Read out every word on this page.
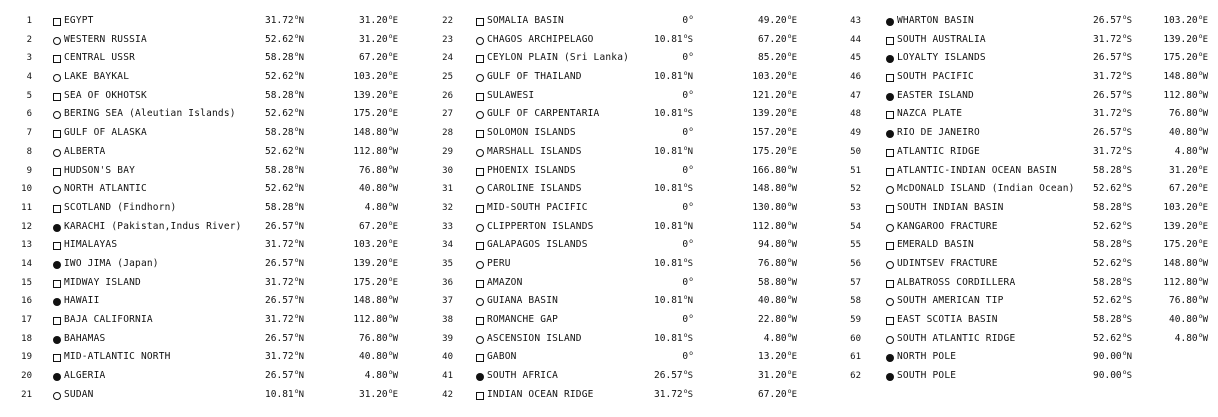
1	EGYPT	31.72$^o$N	31.20$^o$E
2	WESTERN RUSSIA	52.62$^o$N	31.20$^o$E
3	CENTRAL USSR	58.28$^o$N	67.20$^o$E
4	LAKE BAYKAL	52.62$^o$N	103.20$^o$E
5	SEA OF OKHOTSK	58.28$^o$N	139.20$^o$E
6	BERING SEA (Aleutian Islands)	52.62$^o$N	175.20$^o$E
7	GULF OF ALASKA	58.28$^o$N	148.80$^o$W
8	ALBERTA	52.62$^o$N	112.80$^o$W
9	HUDSON'S BAY	58.28$^o$N	76.80$^o$W
10	NORTH ATLANTIC	52.62$^o$N	40.80$^o$W
11	SCOTLAND (Findhorn)	58.28$^o$N	4.80$^o$W
12	KARACHI (Pakistan,Indus River) 26.57$^o$N	67.20$^o$E
13	HIMALAYAS	31.72$^o$N	103.20$^o$E
14	IWO JIMA (Japan)	26.57$^o$N	139.20$^o$E
15	MIDWAY ISLAND	31.72$^o$N	175.20$^o$E
16	HAWAII	26.57$^o$N	148.80$^o$W
17	BAJA CALIFORNIA	31.72$^o$N	112.80$^o$W
18	BAHAMAS	26.57$^o$N	76.80$^o$W
19	MID-ATLANTIC NORTH	31.72$^o$N	40.80$^o$W
20	ALGERIA	26.57$^o$N	4.80$^o$W
21	SUDAN	10.81$^o$N	31.20$^o$E
22	SOMALIA BASIN	0$^o$	49.20$^o$E
23	CHAGOS ARCHIPELAGO	10.81$^o$S	67.20$^o$E
24	CEYLON PLAIN (Sri Lanka)	0$^o$	85.20$^o$E
25	GULF OF THAILAND	10.81$^o$N	103.20$^o$E
26	SULAWESI	0$^o$	121.20$^o$E
27	GULF OF CARPENTARIA	10.81$^o$S	139.20$^o$E
28	SOLOMON ISLANDS	0$^o$	157.20$^o$E
29	MARSHALL ISLANDS	10.81$^o$N	175.20$^o$E
30	PHOENIX ISLANDS	0$^o$	166.80$^o$W
31	CAROLINE ISLANDS	10.81$^o$S	148.80$^o$W
32	MID-SOUTH PACIFIC	0$^o$	130.80$^o$W
33	CLIPPERTON ISLANDS	10.81$^o$N	112.80$^o$W
34	GALAPAGOS ISLANDS	0$^o$	94.80$^o$W
35	PERU	10.81$^o$S	76.80$^o$W
36	AMAZON	0$^o$	58.80$^o$W
37	GUIANA BASIN	10.81$^o$N	40.80$^o$W
38	ROMANCHE GAP	0$^o$	22.80$^o$W
39	ASCENSION ISLAND	10.81$^o$S	4.80$^o$W
40	GABON	0$^o$	13.20$^o$E
41	SOUTH AFRICA	26.57$^o$S	31.20$^o$E
42	INDIAN OCEAN RIDGE	31.72$^o$S	67.20$^o$E
43	WHARTON BASIN	26.57$^o$S	103.20$^o$E
44	SOUTH AUSTRALIA	31.72$^o$S	139.20$^o$E
45	LOYALTY ISLANDS	26.57$^o$S	175.20$^o$E
46	SOUTH PACIFIC	31.72$^o$S	148.80$^o$W
47	EASTER ISLAND	26.57$^o$S	112.80$^o$W
48	NAZCA PLATE	31.72$^o$S	76.80$^o$W
49	RIO DE JANEIRO	26.57$^o$S	40.80$^o$W
50	ATLANTIC RIDGE	31.72$^o$S	4.80$^o$W
51	ATLANTIC-INDIAN OCEAN BASIN	58.28$^o$S	31.20$^o$E
52	McDONALD ISLAND (Indian Ocean) 52.62$^o$S	67.20$^o$E
53	SOUTH INDIAN BASIN	58.28$^o$S	103.20$^o$E
54	KANGAROO FRACTURE	52.62$^o$S	139.20$^o$E
55	EMERALD BASIN	58.28$^o$S	175.20$^o$E
56	UDINTSEV FRACTURE	52.62$^o$S	148.80$^o$W
57	ALBATROSS CORDILLERA	58.28$^o$S	112.80$^o$W
58	SOUTH AMERICAN TIP	52.62$^o$S	76.80$^o$W
59	EAST SCOTIA BASIN	58.28$^o$S	40.80$^o$W
60	SOUTH ATLANTIC RIDGE	52.62$^o$S	4.80$^o$W
61	NORTH POLE	90.00$^o$N
62	SOUTH POLE	90.00$^o$S
